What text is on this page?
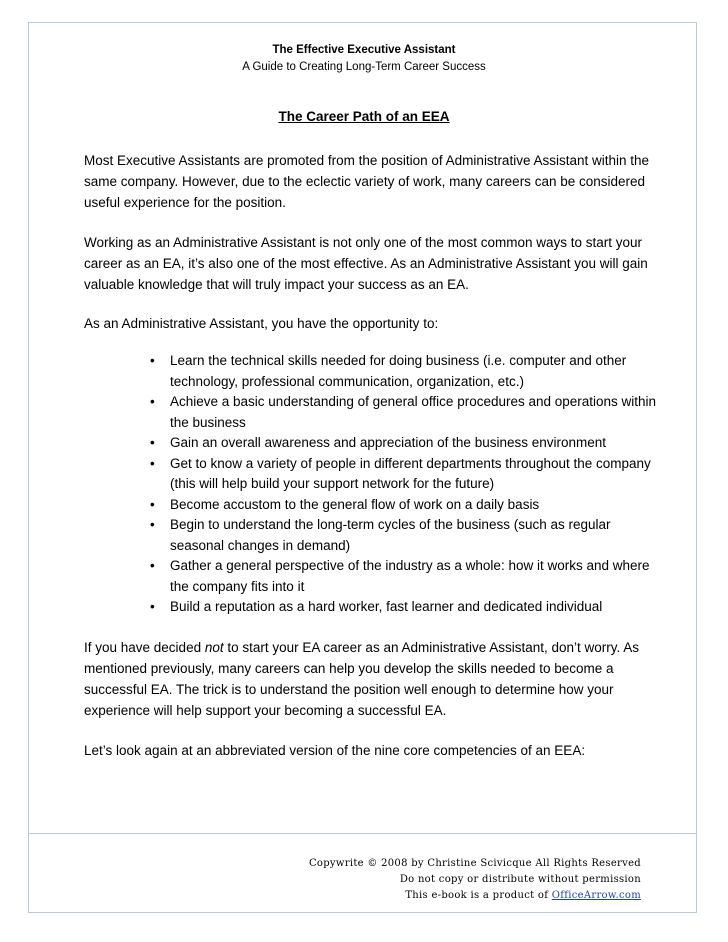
The Effective Executive Assistant
A Guide to Creating Long-Term Career Success
The Career Path of an EEA

Most Executive Assistants are promoted from the position of Administrative Assistant within the same company. However, due to the eclectic variety of work, many careers can be considered useful experience for the position.

Working as an Administrative Assistant is not only one of the most common ways to start your career as an EA, it’s also one of the most effective. As an Administrative Assistant you will gain valuable knowledge that will truly impact your success as an EA.

As an Administrative Assistant, you have the opportunity to:

• Learn the technical skills needed for doing business (i.e. computer and other technology, professional communication, organization, etc.)
• Achieve a basic understanding of general office procedures and operations within the business
• Gain an overall awareness and appreciation of the business environment
• Get to know a variety of people in different departments throughout the company (this will help build your support network for the future)
• Become accustom to the general flow of work on a daily basis
• Begin to understand the long-term cycles of the business (such as regular seasonal changes in demand)
• Gather a general perspective of the industry as a whole: how it works and where the company fits into it
• Build a reputation as a hard worker, fast learner and dedicated individual

If you have decided not to start your EA career as an Administrative Assistant, don’t worry. As mentioned previously, many careers can help you develop the skills needed to become a successful EA. The trick is to understand the position well enough to determine how your experience will help support your becoming a successful EA.

Let’s look again at an abbreviated version of the nine core competencies of an EEA:

Copywrite © 2008 by Christine Scivicque All Rights Reserved
Do not copy or distribute without permission
This e-book is a product of OfficeArrow.com
